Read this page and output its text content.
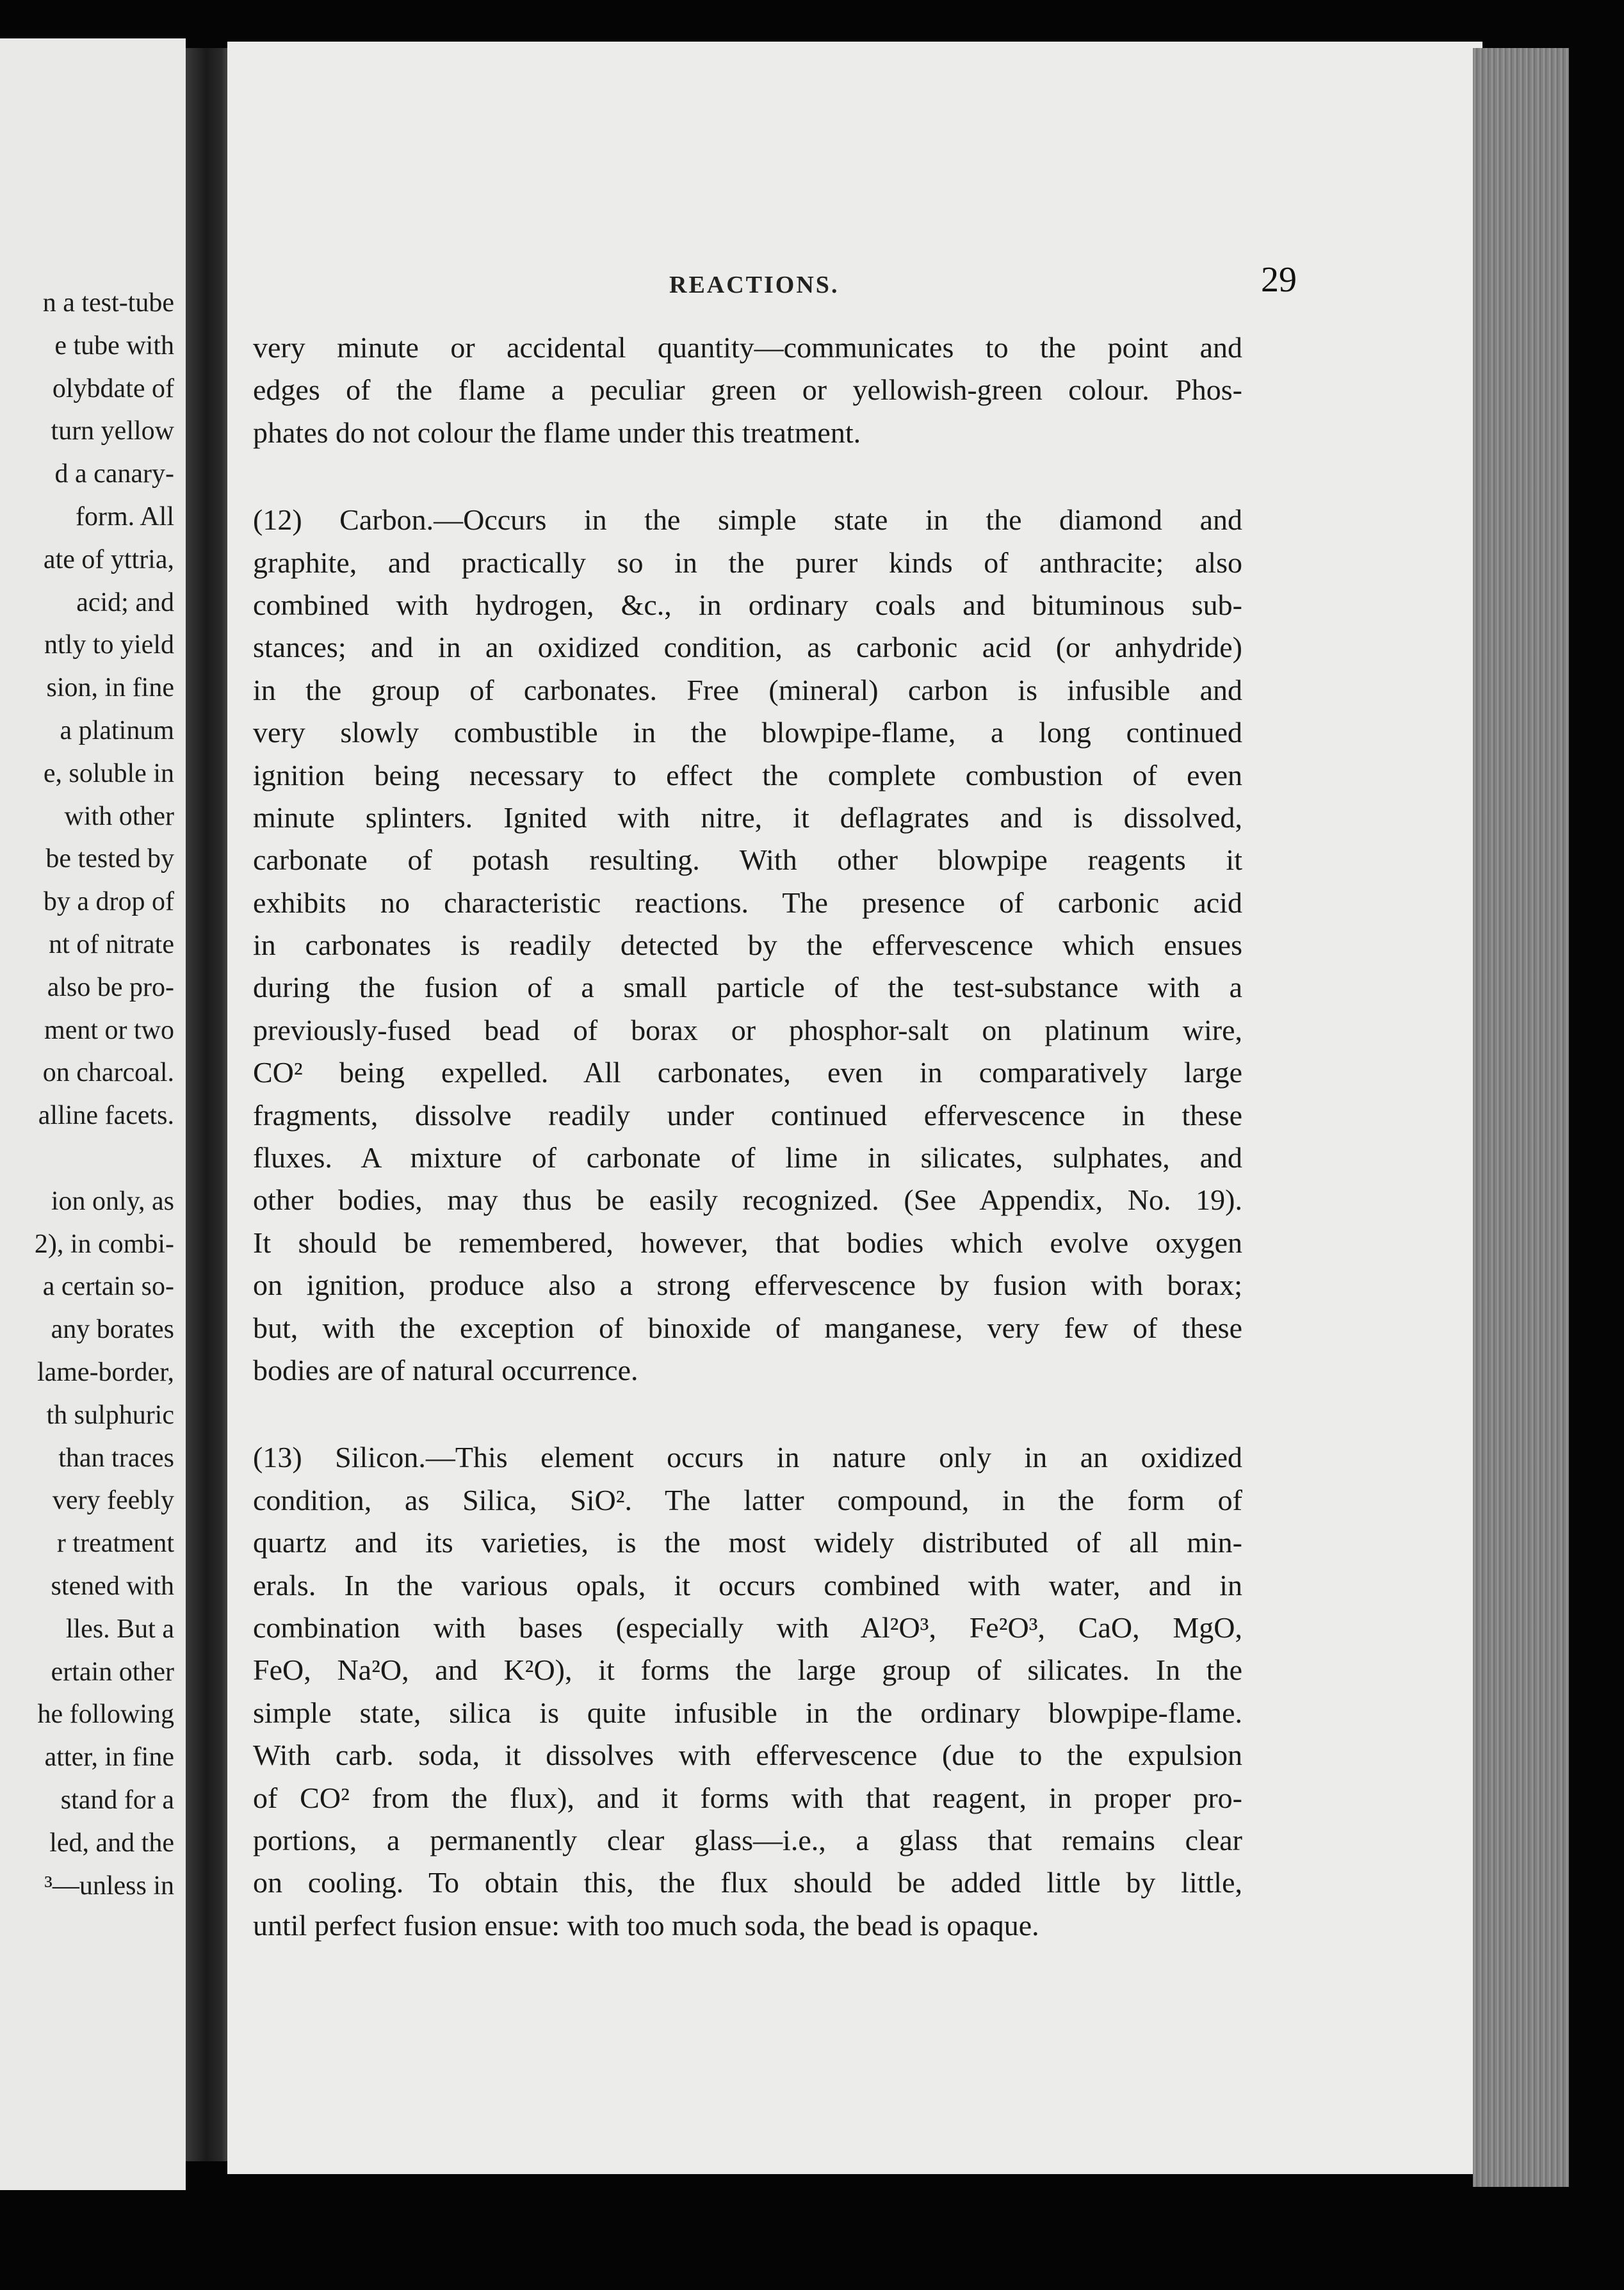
n a test-tube
e tube with
olybdate of
turn yellow
d a canary-
form. All
ate of yttria,
acid; and
ntly to yield
sion, in fine
a platinum
e, soluble in
with other
be tested by
by a drop of
nt of nitrate
also be pro-
ment or two
on charcoal.
alline facets.
ion only, as
2), in combi-
a certain so-
any borates
lame-border,
th sulphuric
than traces
very feebly
r treatment
stened with
lles. But a
ertain other
he following
atter, in fine
stand for a
led, and the
³—unless in
REACTIONS.	29
very minute or accidental quantity—communicates to the point and
edges of the flame a peculiar green or yellowish-green colour. Phos-
phates do not colour the flame under this treatment.
(12) Carbon.—Occurs in the simple state in the diamond and
graphite, and practically so in the purer kinds of anthracite; also
combined with hydrogen, &c., in ordinary coals and bituminous sub-
stances; and in an oxidized condition, as carbonic acid (or anhydride)
in the group of carbonates. Free (mineral) carbon is infusible and
very slowly combustible in the blowpipe-flame, a long continued
ignition being necessary to effect the complete combustion of even
minute splinters. Ignited with nitre, it deflagrates and is dissolved,
carbonate of potash resulting. With other blowpipe reagents it
exhibits no characteristic reactions. The presence of carbonic acid
in carbonates is readily detected by the effervescence which ensues
during the fusion of a small particle of the test-substance with a
previously-fused bead of borax or phosphor-salt on platinum wire,
CO² being expelled. All carbonates, even in comparatively large
fragments, dissolve readily under continued effervescence in these
fluxes. A mixture of carbonate of lime in silicates, sulphates, and
other bodies, may thus be easily recognized. (See Appendix, No. 19).
It should be remembered, however, that bodies which evolve oxygen
on ignition, produce also a strong effervescence by fusion with borax;
but, with the exception of binoxide of manganese, very few of these
bodies are of natural occurrence.
(13) Silicon.—This element occurs in nature only in an oxidized
condition, as Silica, SiO². The latter compound, in the form of
quartz and its varieties, is the most widely distributed of all min-
erals. In the various opals, it occurs combined with water, and in
combination with bases (especially with Al²O³, Fe²O³, CaO, MgO,
FeO, Na²O, and K²O), it forms the large group of silicates. In the
simple state, silica is quite infusible in the ordinary blowpipe-flame.
With carb. soda, it dissolves with effervescence (due to the expulsion
of CO² from the flux), and it forms with that reagent, in proper pro-
portions, a permanently clear glass—i.e., a glass that remains clear
on cooling. To obtain this, the flux should be added little by little,
until perfect fusion ensue: with too much soda, the bead is opaque.
